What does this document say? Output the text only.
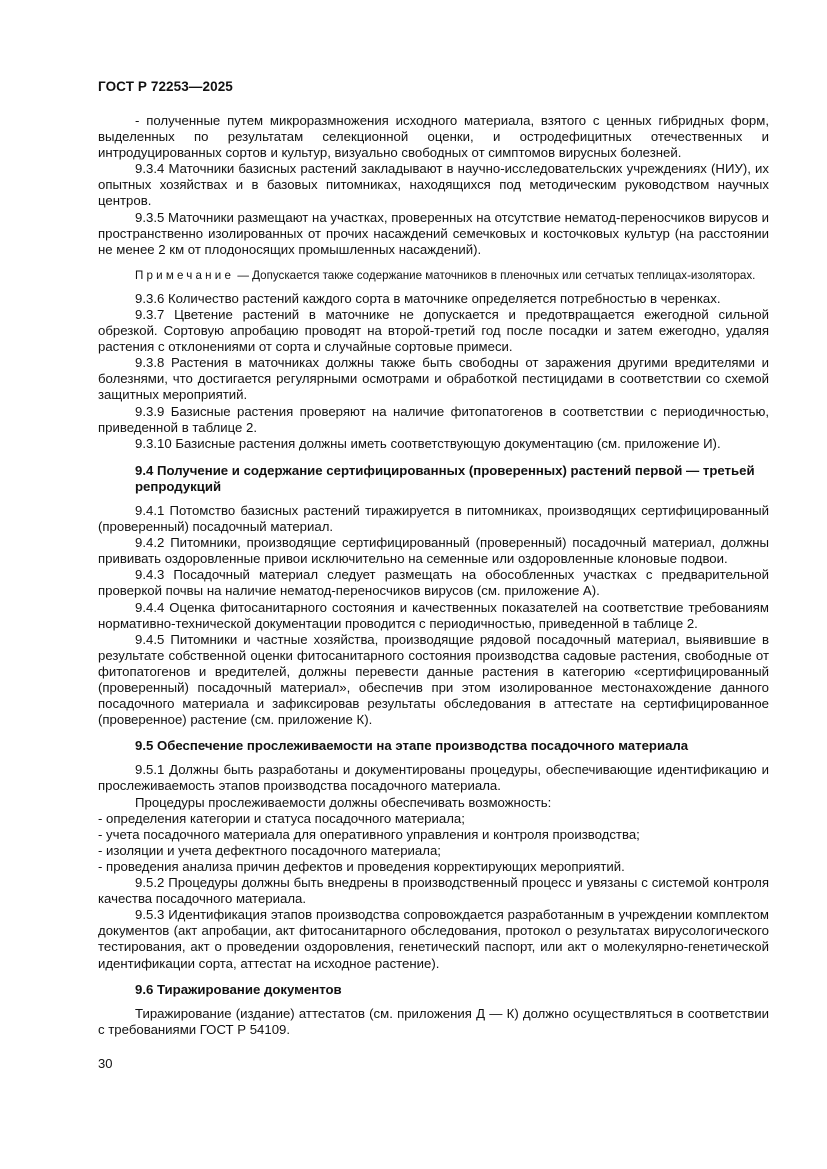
ГОСТ Р 72253—2025

- полученные путем микроразмножения исходного материала, взятого с ценных гибридных форм, выделенных по результатам селекционной оценки, и остродефицитных отечественных и интродуцированных сортов и культур, визуально свободных от симптомов вирусных болезней.

9.3.4 Маточники базисных растений закладывают в научно-исследовательских учреждениях (НИУ), их опытных хозяйствах и в базовых питомниках, находящихся под методическим руководством научных центров.

9.3.5 Маточники размещают на участках, проверенных на отсутствие нематод-переносчиков вирусов и пространственно изолированных от прочих насаждений семечковых и косточковых культур (на расстоянии не менее 2 км от плодоносящих промышленных насаждений).

Примечание — Допускается также содержание маточников в пленочных или сетчатых теплицах-изоляторах.

9.3.6 Количество растений каждого сорта в маточнике определяется потребностью в черенках.

9.3.7 Цветение растений в маточнике не допускается и предотвращается ежегодной сильной обрезкой. Сортовую апробацию проводят на второй-третий год после посадки и затем ежегодно, удаляя растения с отклонениями от сорта и случайные сортовые примеси.

9.3.8 Растения в маточниках должны также быть свободны от заражения другими вредителями и болезнями, что достигается регулярными осмотрами и обработкой пестицидами в соответствии со схемой защитных мероприятий.

9.3.9 Базисные растения проверяют на наличие фитопатогенов в соответствии с периодичностью, приведенной в таблице 2.

9.3.10 Базисные растения должны иметь соответствующую документацию (см. приложение И).

9.4 Получение и содержание сертифицированных (проверенных) растений первой — третьей репродукций

9.4.1 Потомство базисных растений тиражируется в питомниках, производящих сертифицированный (проверенный) посадочный материал.

9.4.2 Питомники, производящие сертифицированный (проверенный) посадочный материал, должны прививать оздоровленные привои исключительно на семенные или оздоровленные клоновые подвои.

9.4.3 Посадочный материал следует размещать на обособленных участках с предварительной проверкой почвы на наличие нематод-переносчиков вирусов (см. приложение А).

9.4.4 Оценка фитосанитарного состояния и качественных показателей на соответствие требованиям нормативно-технической документации проводится с периодичностью, приведенной в таблице 2.

9.4.5 Питомники и частные хозяйства, производящие рядовой посадочный материал, выявившие в результате собственной оценки фитосанитарного состояния производства садовые растения, свободные от фитопатогенов и вредителей, должны перевести данные растения в категорию «сертифицированный (проверенный) посадочный материал», обеспечив при этом изолированное местонахождение данного посадочного материала и зафиксировав результаты обследования в аттестате на сертифицированное (проверенное) растение (см. приложение К).

9.5 Обеспечение прослеживаемости на этапе производства посадочного материала

9.5.1 Должны быть разработаны и документированы процедуры, обеспечивающие идентификацию и прослеживаемость этапов производства посадочного материала.

Процедуры прослеживаемости должны обеспечивать возможность:

- определения категории и статуса посадочного материала;

- учета посадочного материала для оперативного управления и контроля производства;

- изоляции и учета дефектного посадочного материала;

- проведения анализа причин дефектов и проведения корректирующих мероприятий.

9.5.2 Процедуры должны быть внедрены в производственный процесс и увязаны с системой контроля качества посадочного материала.

9.5.3 Идентификация этапов производства сопровождается разработанным в учреждении комплектом документов (акт апробации, акт фитосанитарного обследования, протокол о результатах вирусологического тестирования, акт о проведении оздоровления, генетический паспорт, или акт о молекулярно-генетической идентификации сорта, аттестат на исходное растение).

9.6 Тиражирование документов

Тиражирование (издание) аттестатов (см. приложения Д — К) должно осуществляться в соответствии с требованиями ГОСТ Р 54109.

30
